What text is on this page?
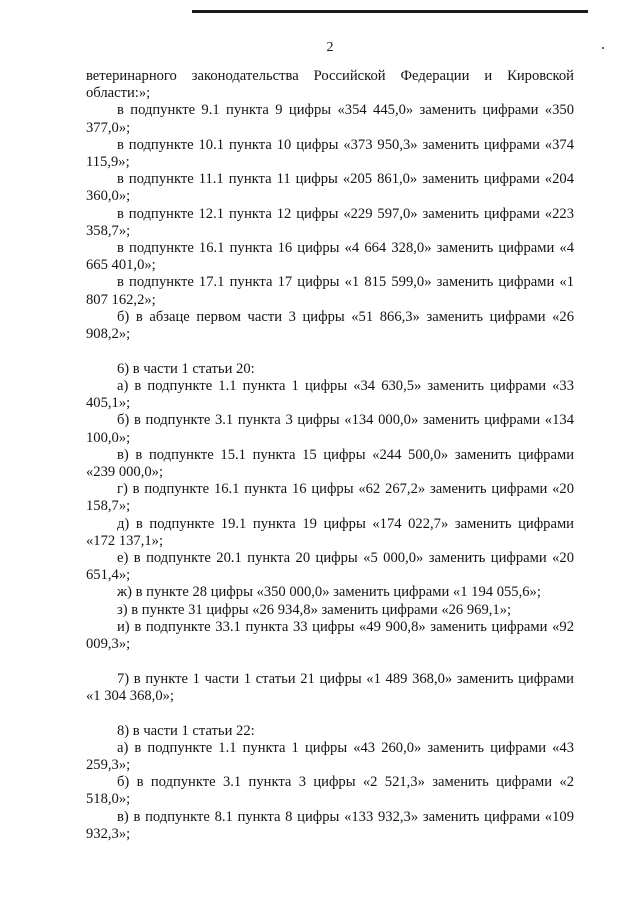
2

ветеринарного законодательства Российской Федерации и Кировской области:»;

в подпункте 9.1 пункта 9 цифры «354 445,0» заменить цифрами «350 377,0»;

в подпункте 10.1 пункта 10 цифры «373 950,3» заменить цифрами «374 115,9»;

в подпункте 11.1 пункта 11 цифры «205 861,0» заменить цифрами «204 360,0»;

в подпункте 12.1 пункта 12 цифры «229 597,0» заменить цифрами «223 358,7»;

в подпункте 16.1 пункта 16 цифры «4 664 328,0» заменить цифрами «4 665 401,0»;

в подпункте 17.1 пункта 17 цифры «1 815 599,0» заменить цифрами «1 807 162,2»;

б) в абзаце первом части 3 цифры «51 866,3» заменить цифрами «26 908,2»;

6) в части 1 статьи 20:

а) в подпункте 1.1 пункта 1 цифры «34 630,5» заменить цифрами «33 405,1»;

б) в подпункте 3.1 пункта 3 цифры «134 000,0» заменить цифрами «134 100,0»;

в) в подпункте 15.1 пункта 15 цифры «244 500,0» заменить цифрами «239 000,0»;

г) в подпункте 16.1 пункта 16 цифры «62 267,2» заменить цифрами «20 158,7»;

д) в подпункте 19.1 пункта 19 цифры «174 022,7» заменить цифрами «172 137,1»;

е) в подпункте 20.1 пункта 20 цифры «5 000,0» заменить цифрами «20 651,4»;

ж) в пункте 28 цифры «350 000,0» заменить цифрами «1 194 055,6»;

з) в пункте 31 цифры «26 934,8» заменить цифрами «26 969,1»;

и) в подпункте 33.1 пункта 33 цифры «49 900,8» заменить цифрами «92 009,3»;

7) в пункте 1 части 1 статьи 21 цифры «1 489 368,0» заменить цифрами «1 304 368,0»;

8) в части 1 статьи 22:

а) в подпункте 1.1 пункта 1 цифры «43 260,0» заменить цифрами «43 259,3»;

б) в подпункте 3.1 пункта 3 цифры «2 521,3» заменить цифрами «2 518,0»;

в) в подпункте 8.1 пункта 8 цифры «133 932,3» заменить цифрами «109 932,3»;
